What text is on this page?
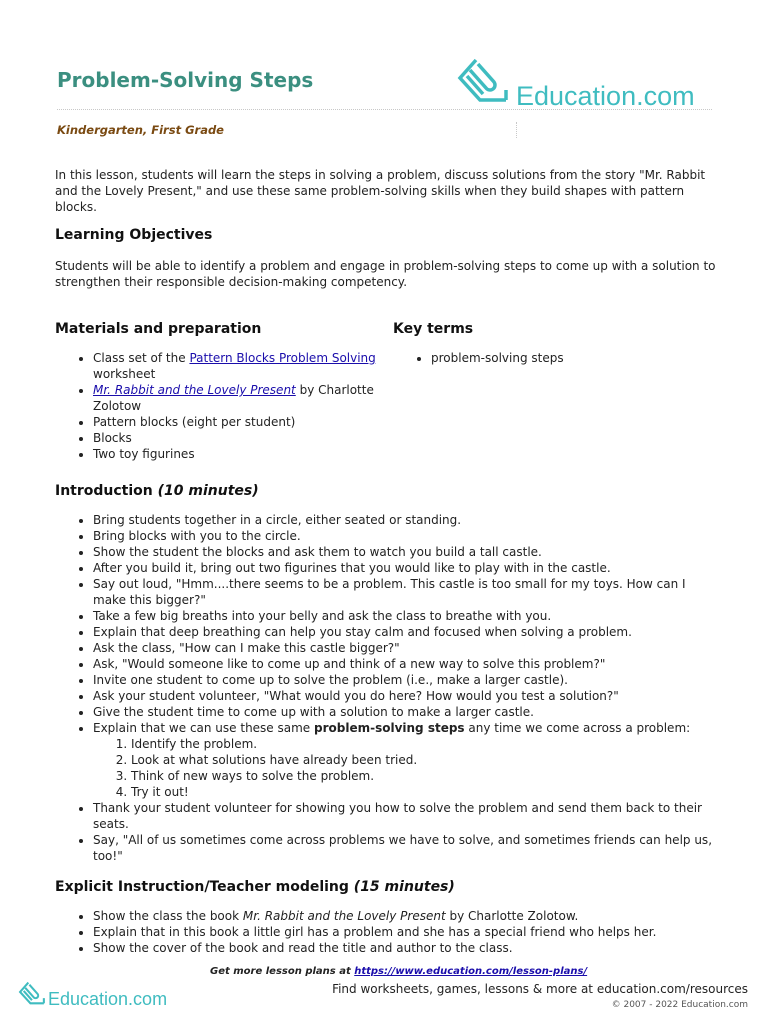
Problem-Solving Steps
Education.com
Kindergarten, First Grade

In this lesson, students will learn the steps in solving a problem, discuss solutions from the story "Mr. Rabbit and the Lovely Present," and use these same problem-solving skills when they build shapes with pattern blocks.

Learning Objectives

Students will be able to identify a problem and engage in problem-solving steps to come up with a solution to strengthen their responsible decision-making competency.

Materials and preparation
• Class set of the Pattern Blocks Problem Solving worksheet
• Mr. Rabbit and the Lovely Present by Charlotte Zolotow
• Pattern blocks (eight per student)
• Blocks
• Two toy figurines
Key terms
• problem-solving steps
Introduction (10 minutes)
• Bring students together in a circle, either seated or standing.
• Bring blocks with you to the circle.
• Show the student the blocks and ask them to watch you build a tall castle.
• After you build it, bring out two figurines that you would like to play with in the castle.
• Say out loud, "Hmm....there seems to be a problem. This castle is too small for my toys. How can I make this bigger?"
• Take a few big breaths into your belly and ask the class to breathe with you.
• Explain that deep breathing can help you stay calm and focused when solving a problem.
• Ask the class, "How can I make this castle bigger?"
• Ask, "Would someone like to come up and think of a new way to solve this problem?"
• Invite one student to come up to solve the problem (i.e., make a larger castle).
• Ask your student volunteer, "What would you do here? How would you test a solution?"
• Give the student time to come up with a solution to make a larger castle.
• Explain that we can use these same problem-solving steps any time we come across a problem:
1. Identify the problem.
2. Look at what solutions have already been tried.
3. Think of new ways to solve the problem.
4. Try it out!
• Thank your student volunteer for showing you how to solve the problem and send them back to their seats.
• Say, "All of us sometimes come across problems we have to solve, and sometimes friends can help us, too!"
Explicit Instruction/Teacher modeling (15 minutes)
• Show the class the book Mr. Rabbit and the Lovely Present by Charlotte Zolotow.
• Explain that in this book a little girl has a problem and she has a special friend who helps her.
• Show the cover of the book and read the title and author to the class.
Get more lesson plans at https://www.education.com/lesson-plans/
Education.com	Find worksheets, games, lessons & more at education.com/resources
© 2007 - 2022 Education.com
